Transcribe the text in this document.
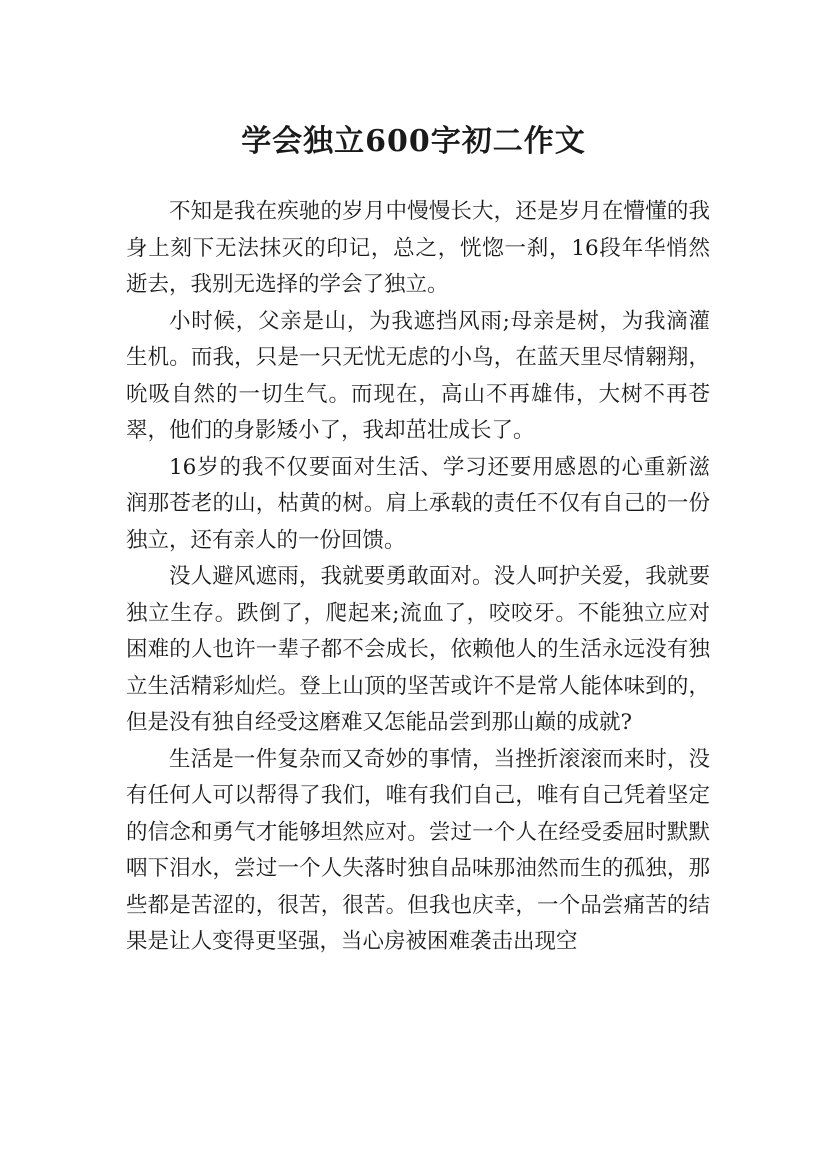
学会独立600字初二作文

不知是我在疾驰的岁月中慢慢长大，还是岁月在懵懂的我身上刻下无法抹灭的印记，总之，恍惚一刹，16段年华悄然逝去，我别无选择的学会了独立。

小时候，父亲是山，为我遮挡风雨;母亲是树，为我滴灌生机。而我，只是一只无忧无虑的小鸟，在蓝天里尽情翱翔，吮吸自然的一切生气。而现在，高山不再雄伟，大树不再苍翠，他们的身影矮小了，我却茁壮成长了。

16岁的我不仅要面对生活、学习还要用感恩的心重新滋润那苍老的山，枯黄的树。肩上承载的责任不仅有自己的一份独立，还有亲人的一份回馈。

没人避风遮雨，我就要勇敢面对。没人呵护关爱，我就要独立生存。跌倒了，爬起来;流血了，咬咬牙。不能独立应对困难的人也许一辈子都不会成长，依赖他人的生活永远没有独立生活精彩灿烂。登上山顶的坚苦或许不是常人能体味到的，但是没有独自经受这磨难又怎能品尝到那山巅的成就?

生活是一件复杂而又奇妙的事情，当挫折滚滚而来时，没有任何人可以帮得了我们，唯有我们自己，唯有自己凭着坚定的信念和勇气才能够坦然应对。尝过一个人在经受委屈时默默咽下泪水，尝过一个人失落时独自品味那油然而生的孤独，那些都是苦涩的，很苦，很苦。但我也庆幸，一个品尝痛苦的结果是让人变得更坚强，当心房被困难袭击出现空
